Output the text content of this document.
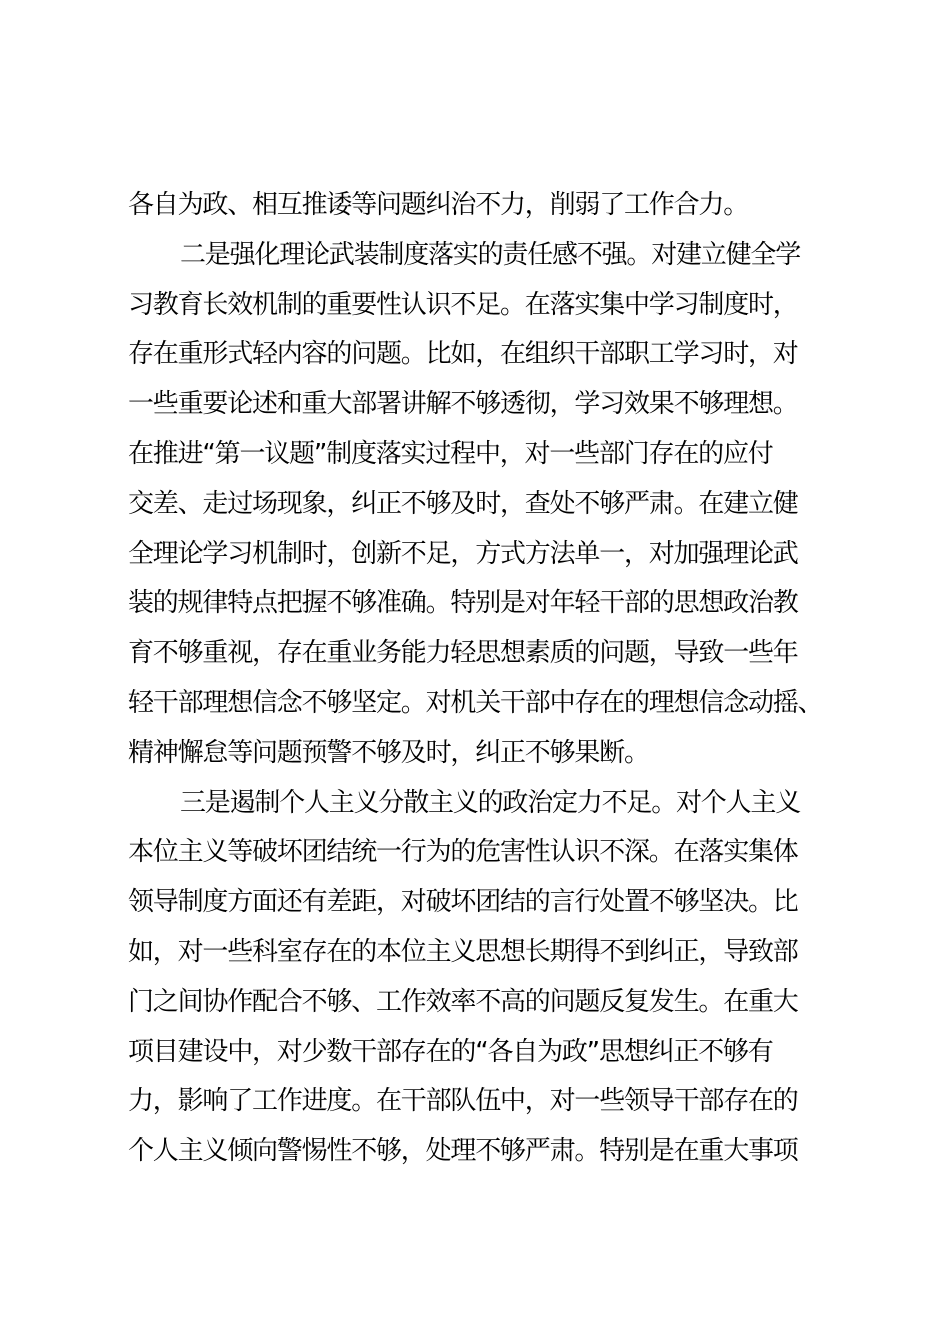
各自为政、相互推诿等问题纠治不力，削弱了工作合力。
二是强化理论武装制度落实的责任感不强。对建立健全学
习教育长效机制的重要性认识不足。在落实集中学习制度时，
存在重形式轻内容的问题。比如，在组织干部职工学习时，对
一些重要论述和重大部署讲解不够透彻，学习效果不够理想。
在推进“第一议题”制度落实过程中，对一些部门存在的应付
交差、走过场现象，纠正不够及时，查处不够严肃。在建立健
全理论学习机制时，创新不足，方式方法单一，对加强理论武
装的规律特点把握不够准确。特别是对年轻干部的思想政治教
育不够重视，存在重业务能力轻思想素质的问题，导致一些年
轻干部理想信念不够坚定。对机关干部中存在的理想信念动摇、
精神懈怠等问题预警不够及时，纠正不够果断。
三是遏制个人主义分散主义的政治定力不足。对个人主义
本位主义等破坏团结统一行为的危害性认识不深。在落实集体
领导制度方面还有差距，对破坏团结的言行处置不够坚决。比
如，对一些科室存在的本位主义思想长期得不到纠正，导致部
门之间协作配合不够、工作效率不高的问题反复发生。在重大
项目建设中，对少数干部存在的“各自为政”思想纠正不够有
力，影响了工作进度。在干部队伍中，对一些领导干部存在的
个人主义倾向警惕性不够，处理不够严肃。特别是在重大事项
